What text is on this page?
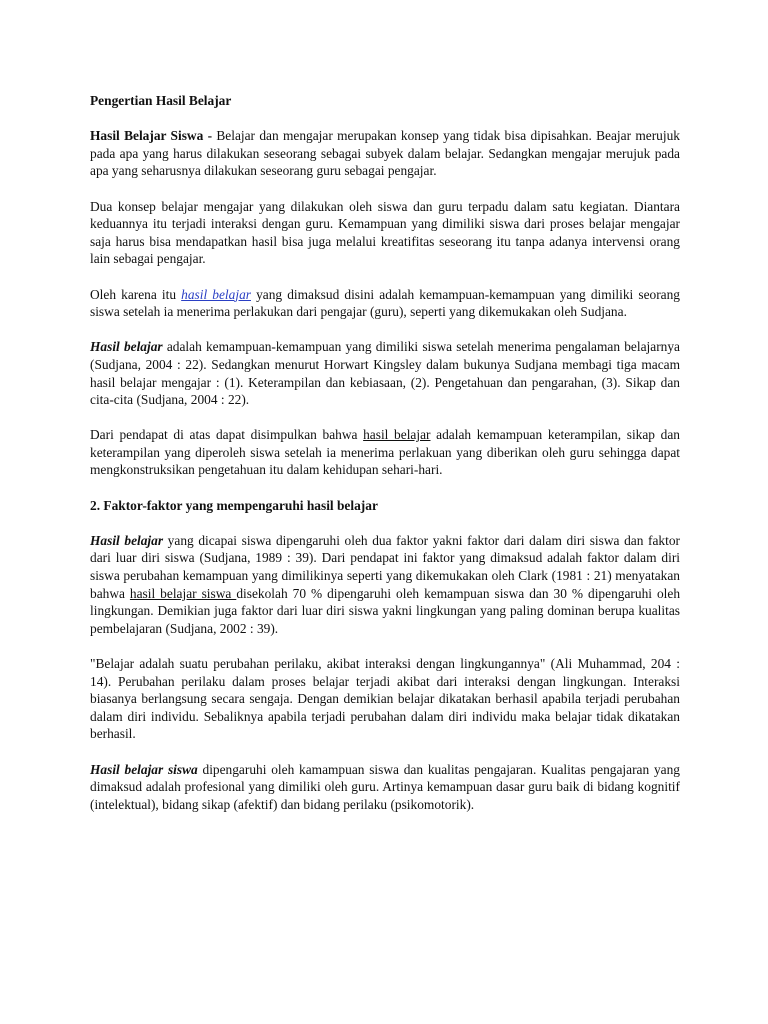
Pengertian Hasil Belajar

Hasil Belajar Siswa - Belajar dan mengajar merupakan konsep yang tidak bisa dipisahkan. Beajar merujuk pada apa yang harus dilakukan seseorang sebagai subyek dalam belajar. Sedangkan mengajar merujuk pada apa yang seharusnya dilakukan seseorang guru sebagai pengajar.

Dua konsep belajar mengajar yang dilakukan oleh siswa dan guru terpadu dalam satu kegiatan. Diantara keduannya itu terjadi interaksi dengan guru. Kemampuan yang dimiliki siswa dari proses belajar mengajar saja harus bisa mendapatkan hasil bisa juga melalui kreatifitas seseorang itu tanpa adanya intervensi orang lain sebagai pengajar.

Oleh karena itu hasil belajar yang dimaksud disini adalah kemampuan-kemampuan yang dimiliki seorang siswa setelah ia menerima perlakukan dari pengajar (guru), seperti yang dikemukakan oleh Sudjana.

Hasil belajar adalah kemampuan-kemampuan yang dimiliki siswa setelah menerima pengalaman belajarnya (Sudjana, 2004 : 22). Sedangkan menurut Horwart Kingsley dalam bukunya Sudjana membagi tiga macam hasil belajar mengajar : (1). Keterampilan dan kebiasaan, (2). Pengetahuan dan pengarahan, (3). Sikap dan cita-cita (Sudjana, 2004 : 22).

Dari pendapat di atas dapat disimpulkan bahwa hasil belajar adalah kemampuan keterampilan, sikap dan keterampilan yang diperoleh siswa setelah ia menerima perlakuan yang diberikan oleh guru sehingga dapat mengkonstruksikan pengetahuan itu dalam kehidupan sehari-hari.

2. Faktor-faktor yang mempengaruhi hasil belajar

Hasil belajar yang dicapai siswa dipengaruhi oleh dua faktor yakni faktor dari dalam diri siswa dan faktor dari luar diri siswa (Sudjana, 1989 : 39). Dari pendapat ini faktor yang dimaksud adalah faktor dalam diri siswa perubahan kemampuan yang dimilikinya seperti yang dikemukakan oleh Clark (1981 : 21) menyatakan bahwa hasil belajar siswa disekolah 70 % dipengaruhi oleh kemampuan siswa dan 30 % dipengaruhi oleh lingkungan. Demikian juga faktor dari luar diri siswa yakni lingkungan yang paling dominan berupa kualitas pembelajaran (Sudjana, 2002 : 39).

"Belajar adalah suatu perubahan perilaku, akibat interaksi dengan lingkungannya" (Ali Muhammad, 204 : 14). Perubahan perilaku dalam proses belajar terjadi akibat dari interaksi dengan lingkungan. Interaksi biasanya berlangsung secara sengaja. Dengan demikian belajar dikatakan berhasil apabila terjadi perubahan dalam diri individu. Sebaliknya apabila terjadi perubahan dalam diri individu maka belajar tidak dikatakan berhasil.

Hasil belajar siswa dipengaruhi oleh kamampuan siswa dan kualitas pengajaran. Kualitas pengajaran yang dimaksud adalah profesional yang dimiliki oleh guru. Artinya kemampuan dasar guru baik di bidang kognitif (intelektual), bidang sikap (afektif) dan bidang perilaku (psikomotorik).
